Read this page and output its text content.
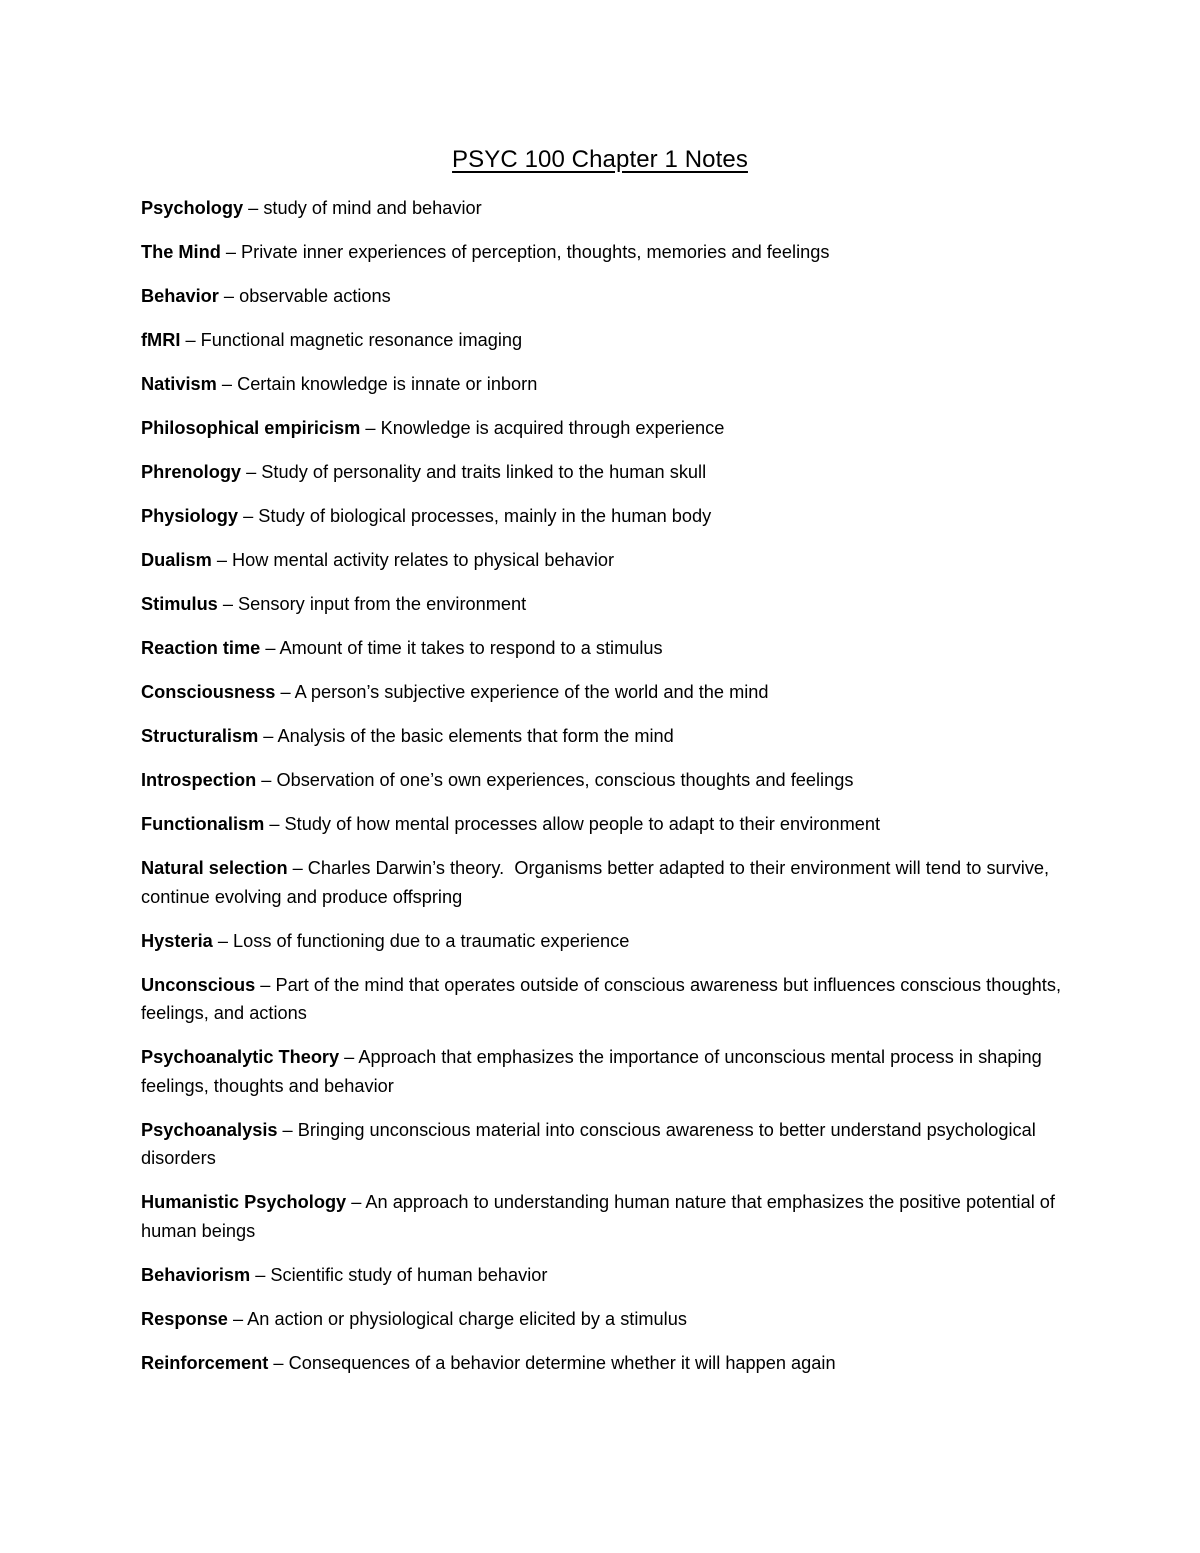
PSYC 100 Chapter 1 Notes

Psychology – study of mind and behavior

The Mind – Private inner experiences of perception, thoughts, memories and feelings

Behavior – observable actions

fMRI – Functional magnetic resonance imaging

Nativism – Certain knowledge is innate or inborn

Philosophical empiricism – Knowledge is acquired through experience

Phrenology – Study of personality and traits linked to the human skull

Physiology – Study of biological processes, mainly in the human body

Dualism – How mental activity relates to physical behavior

Stimulus – Sensory input from the environment

Reaction time – Amount of time it takes to respond to a stimulus

Consciousness – A person’s subjective experience of the world and the mind

Structuralism – Analysis of the basic elements that form the mind

Introspection – Observation of one’s own experiences, conscious thoughts and feelings

Functionalism – Study of how mental processes allow people to adapt to their environment

Natural selection – Charles Darwin’s theory.  Organisms better adapted to their environment will tend to survive, continue evolving and produce offspring

Hysteria – Loss of functioning due to a traumatic experience

Unconscious – Part of the mind that operates outside of conscious awareness but influences conscious thoughts, feelings, and actions

Psychoanalytic Theory – Approach that emphasizes the importance of unconscious mental process in shaping feelings, thoughts and behavior

Psychoanalysis – Bringing unconscious material into conscious awareness to better understand psychological disorders

Humanistic Psychology – An approach to understanding human nature that emphasizes the positive potential of human beings

Behaviorism – Scientific study of human behavior

Response – An action or physiological charge elicited by a stimulus

Reinforcement – Consequences of a behavior determine whether it will happen again
